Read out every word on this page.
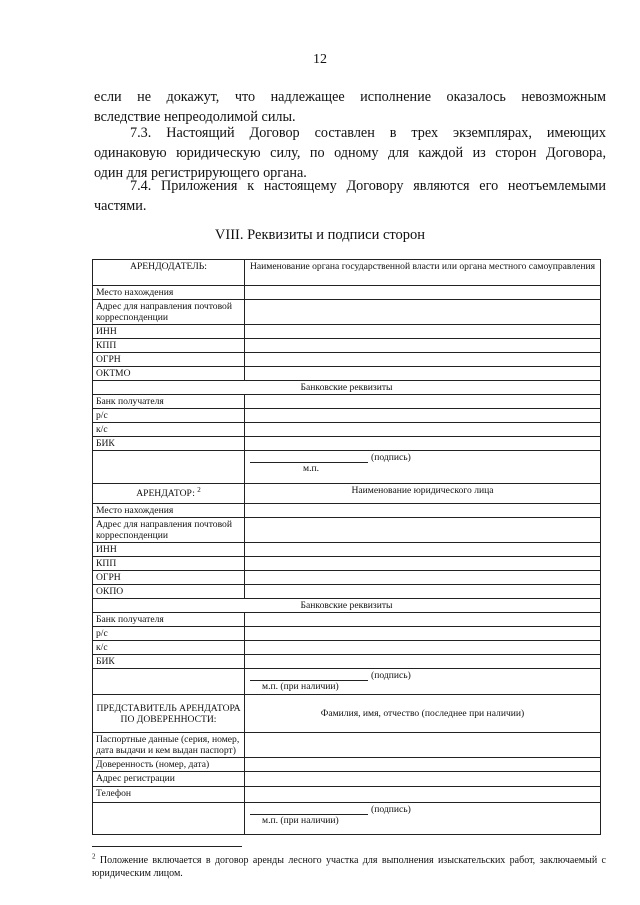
12
если не докажут, что надлежащее исполнение оказалось невозможным
вследствие непреодолимой силы.
7.3. Настоящий Договор составлен в трех экземплярах, имеющих
одинаковую юридическую силу, по одному для каждой из сторон Договора,
один для регистрирующего органа.
7.4. Приложения к настоящему Договору являются его неотъемлемыми
частями.
VIII. Реквизиты и подписи сторон
АРЕНДОДАТЕЛЬ:	Наименование органа государственной власти или органа местного самоуправления
Место нахождения	
Адрес для направления почтовой корреспонденции	
ИНН	
КПП	
ОГРН	
ОКТМО	
Банковские реквизиты	
Банк получателя	
р/с	
к/с	
БИК	

	(подпись)
м.п.

АРЕНДАТОР: $^2$	Наименование юридического лица
Место нахождения	
Адрес для направления почтовой корреспонденции	
ИНН	
КПП	
ОГРН	
ОКПО	
Банковские реквизиты	
Банк получателя	
р/с	
к/с	
БИК	

	(подпись)
м.п. (при наличии)

ПРЕДСТАВИТЕЛЬ АРЕНДАТОРА ПО ДОВЕРЕННОСТИ:	Фамилия, имя, отчество (последнее при наличии)
Паспортные данные (серия, номер, дата выдачи и кем выдан паспорт)	
Доверенность (номер, дата)	
Адрес регистрации	
Телефон	

	(подпись)
м.п. (при наличии)
$^2$ Положение включается в договор аренды лесного участка для выполнения изыскательских работ, заключаемый с юридическим лицом.
